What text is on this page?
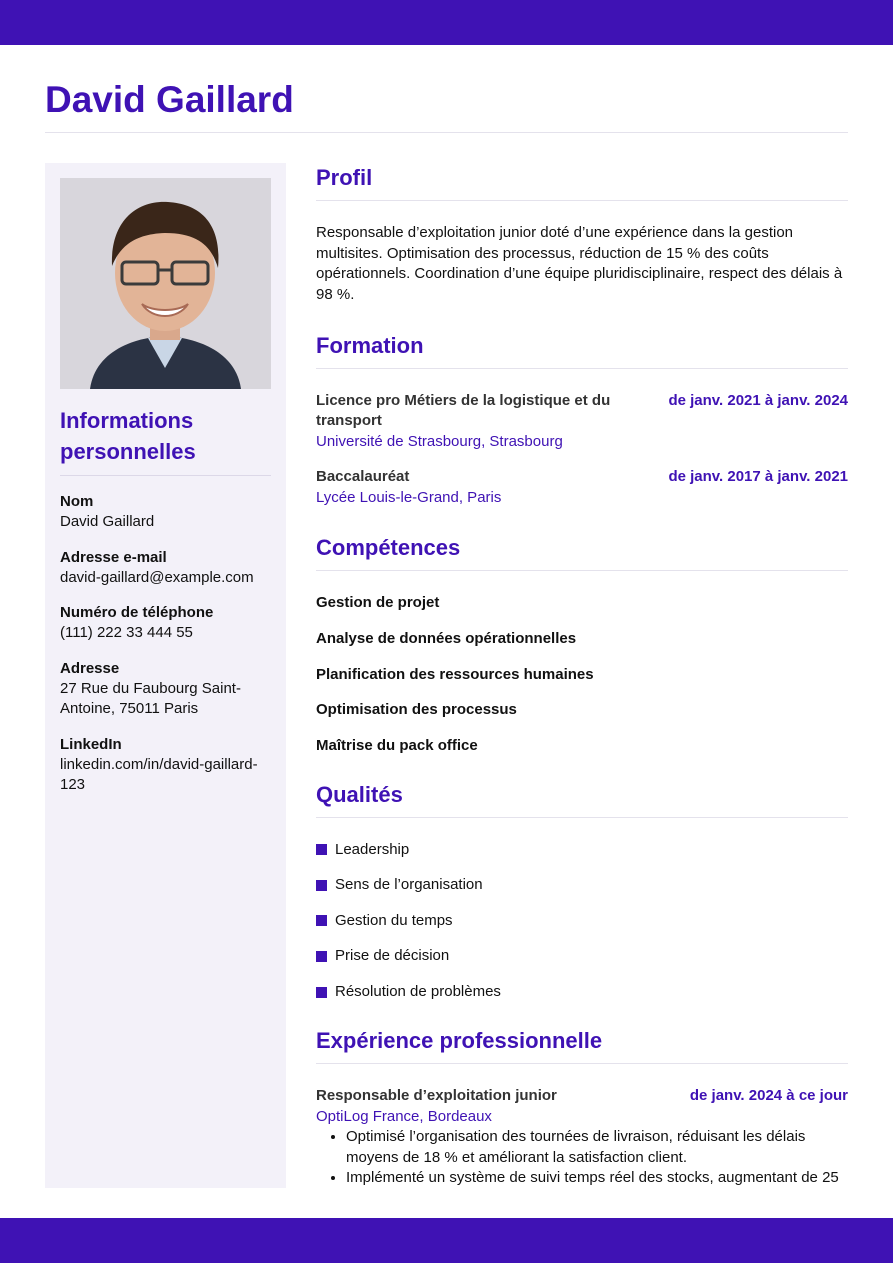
David Gaillard
Informations personnelles
Nom
David Gaillard
Adresse e-mail
david-gaillard@example.com
Numéro de téléphone
(111) 222 33 444 55
Adresse
27 Rue du Faubourg Saint-Antoine, 75011 Paris
LinkedIn
linkedin.com/in/david-gaillard-123
Profil

Responsable d’exploitation junior doté d’une expérience dans la gestion multisites. Optimisation des processus, réduction de 15 % des coûts opérationnels. Coordination d’une équipe pluridisciplinaire, respect des délais à 98 %.

Formation
Licence pro Métiers de la logistique et du transport
de janv. 2021 à janv. 2024
Université de Strasbourg, Strasbourg
Baccalauréat	de janv. 2017 à janv. 2021
Lycée Louis-le-Grand, Paris
Compétences
Gestion de projet
Analyse de données opérationnelles
Planification des ressources humaines
Optimisation des processus
Maîtrise du pack office
Qualités
Leadership
Sens de l’organisation
Gestion du temps
Prise de décision
Résolution de problèmes
Expérience professionnelle
Responsable d’exploitation junior	de janv. 2024 à ce jour
OptiLog France, Bordeaux
• Optimisé l’organisation des tournées de livraison, réduisant les délais moyens de 18 % et améliorant la satisfaction client.
• Implémenté un système de suivi temps réel des stocks, augmentant de 25
